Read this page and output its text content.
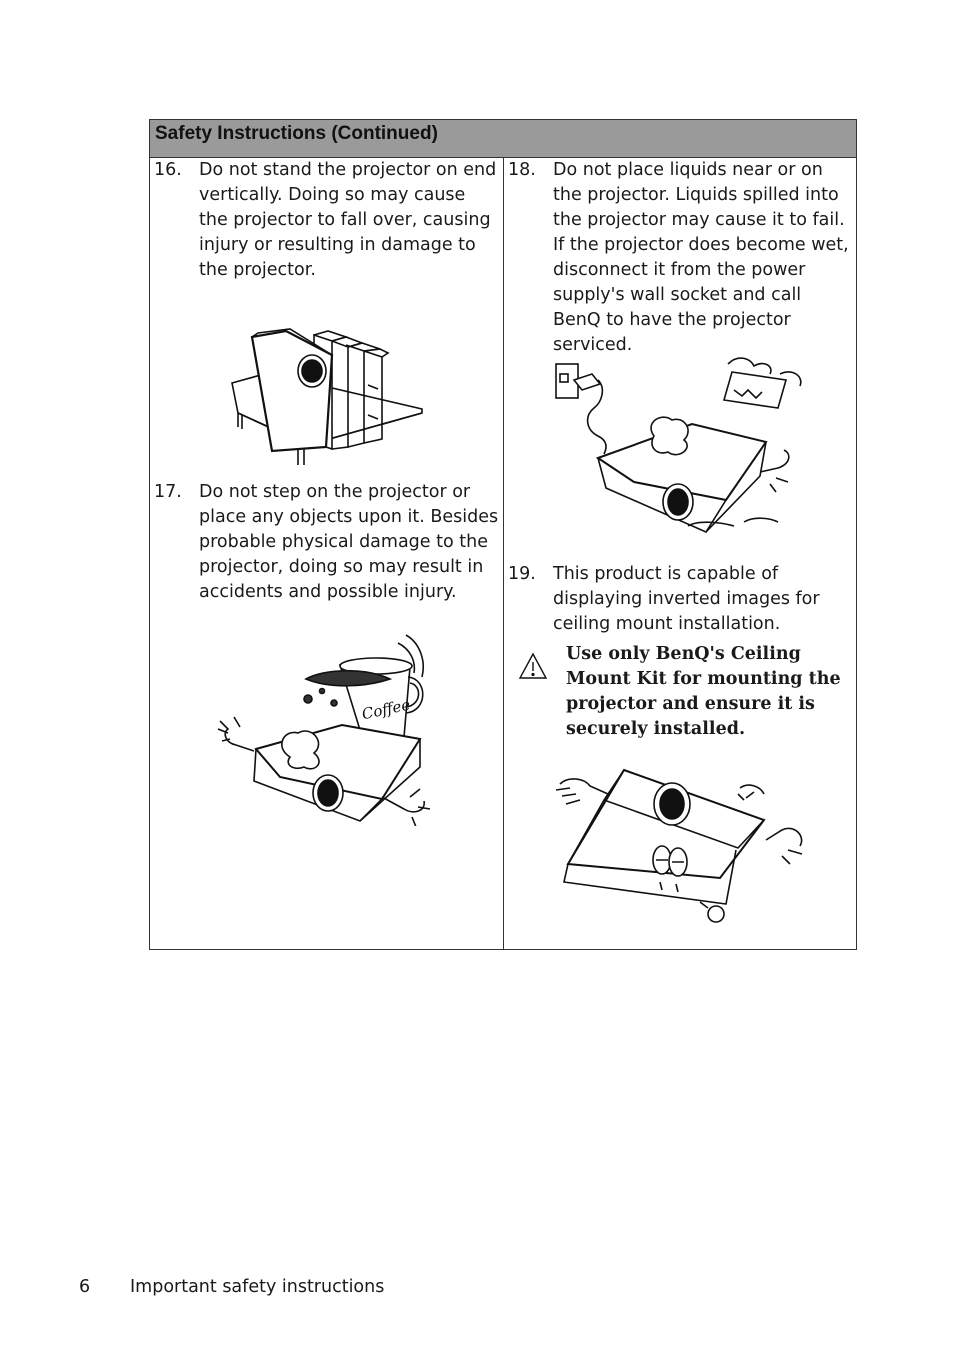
Safety Instructions (Continued)
16. Do not stand the projector on end vertically. Doing so may cause the projector to fall over, causing injury or resulting in damage to the projector.
17. Do not step on the projector or place any objects upon it. Besides probable physical damage to the projector, doing so may result in accidents and possible injury.
Coffee
18. Do not place liquids near or on the projector. Liquids spilled into the projector may cause it to fail. If the projector does become wet, disconnect it from the power supply's wall socket and call BenQ to have the projector serviced.
19. This product is capable of displaying inverted images for ceiling mount installation.
Use only BenQ's Ceiling Mount Kit for mounting the projector and ensure it is securely installed.
6 Important safety instructions
